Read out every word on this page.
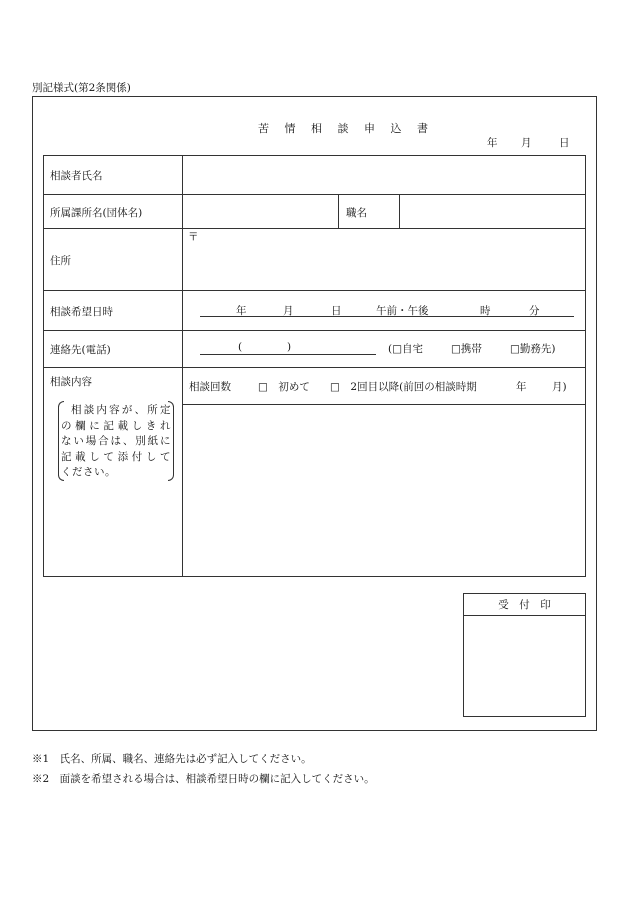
別記様式(第2条関係)
苦 情 相 談 申 込 書
年 月	日
相談者氏名
所属課所名(団体名)	職名
住所
〒
相談希望日時	年	月	日	午前・午後	時	分
連絡先(電話)	(	)	(□自宅	□携帯	□勤務先)
相談内容
相談内容が、所定
の欄に記載しきれ
ない場合は、別紙に
記載して添付して
ください。
相談回数	□　初めて □　2回目以降(前回の相談時期	年 月)
受　付　印
※1　氏名、所属、職名、連絡先は必ず記入してください。
※2　面談を希望される場合は、相談希望日時の欄に記入してください。
